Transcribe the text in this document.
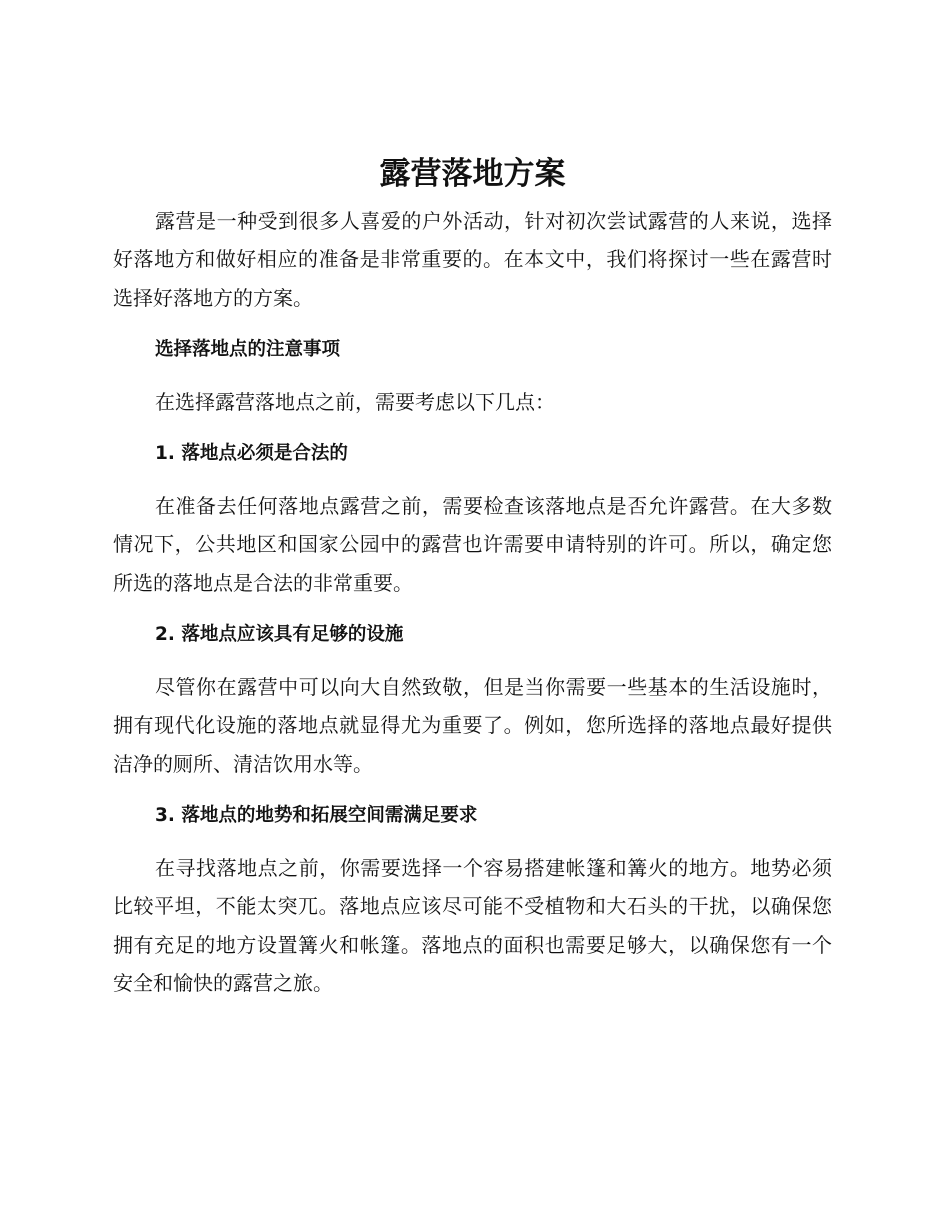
露营落地方案

露营是一种受到很多人喜爱的户外活动，针对初次尝试露营的人来说，选择好落地方和做好相应的准备是非常重要的。在本文中，我们将探讨一些在露营时选择好落地方的方案。

选择落地点的注意事项

在选择露营落地点之前，需要考虑以下几点：

1. 落地点必须是合法的

在准备去任何落地点露营之前，需要检查该落地点是否允许露营。在大多数情况下，公共地区和国家公园中的露营也许需要申请特别的许可。所以，确定您所选的落地点是合法的非常重要。

2. 落地点应该具有足够的设施

尽管你在露营中可以向大自然致敬，但是当你需要一些基本的生活设施时，拥有现代化设施的落地点就显得尤为重要了。例如，您所选择的落地点最好提供洁净的厕所、清洁饮用水等。

3. 落地点的地势和拓展空间需满足要求

在寻找落地点之前，你需要选择一个容易搭建帐篷和篝火的地方。地势必须比较平坦，不能太突兀。落地点应该尽可能不受植物和大石头的干扰，以确保您拥有充足的地方设置篝火和帐篷。落地点的面积也需要足够大，以确保您有一个安全和愉快的露营之旅。
